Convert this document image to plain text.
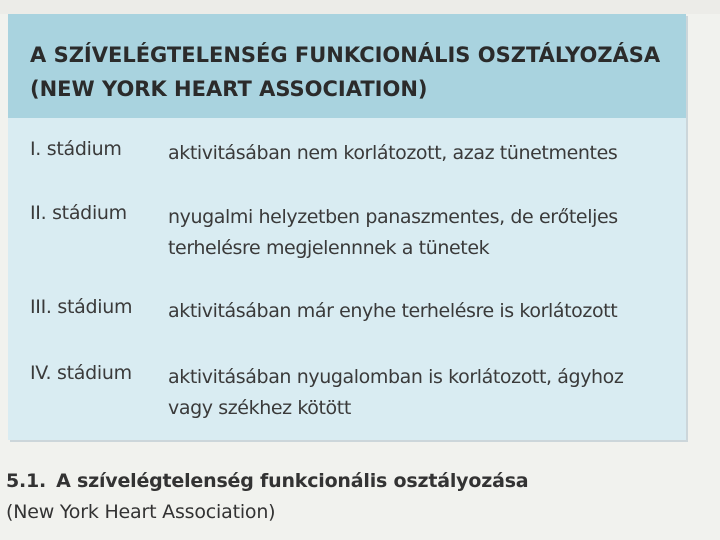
A SZÍVELÉGTELENSÉG FUNKCIONÁLIS OSZTÁLYOZÁSA
(NEW YORK HEART ASSOCIATION)
I. stádium aktivitásában nem korlátozott, azaz tünetmentes
II. stádium nyugalmi helyzetben panaszmentes, de erőteljes
terhelésre megjelennnek a tünetek
III. stádium aktivitásában már enyhe terhelésre is korlátozott
IV. stádium aktivitásában nyugalomban is korlátozott, ágyhoz
vagy székhez kötött
5.1. A szívelégtelenség funkcionális osztályozása
(New York Heart Association)
